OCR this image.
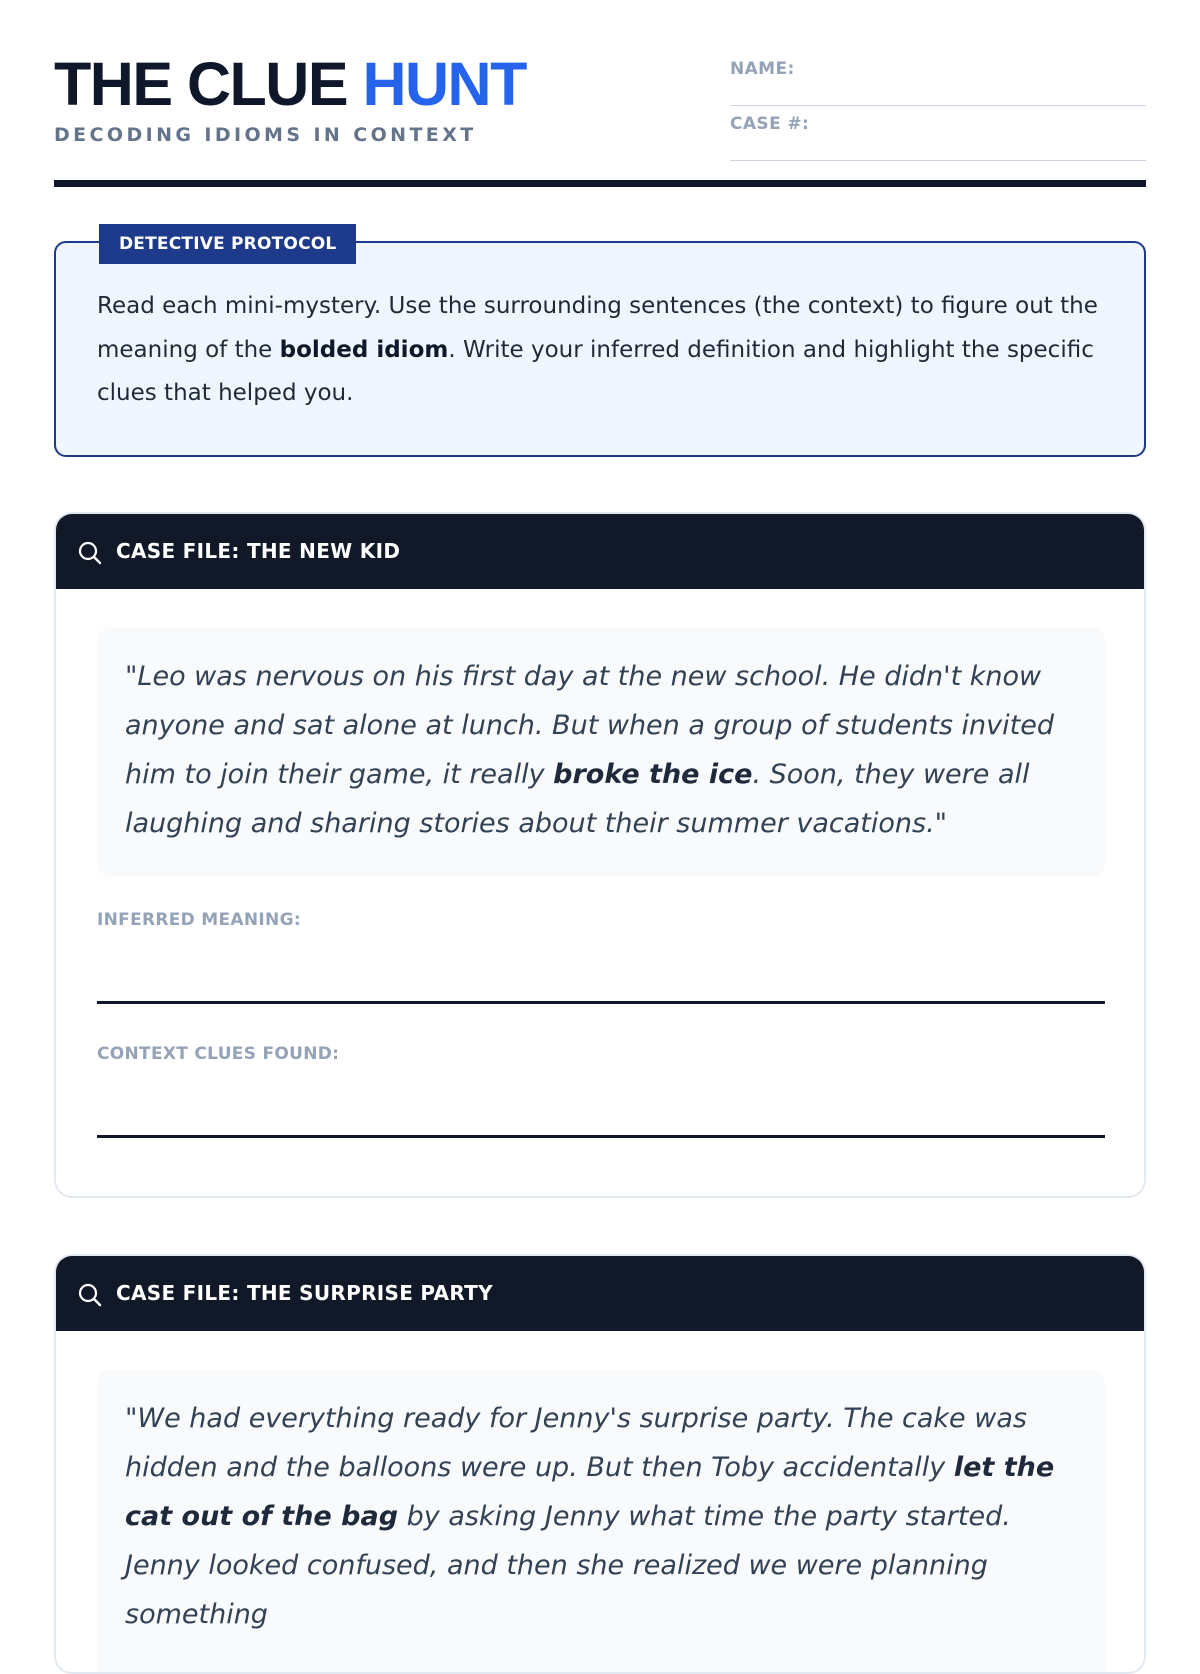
THE CLUE HUNT

DECODING IDIOMS IN CONTEXT

NAME:
CASE #:
DETECTIVE PROTOCOL

Read each mini-mystery. Use the surrounding sentences (the context) to figure out the meaning of the bolded idiom. Write your inferred definition and highlight the specific clues that helped you.

CASE FILE: THE NEW KID
"Leo was nervous on his first day at the new school. He didn't know anyone and sat alone at lunch. But when a group of students invited him to join their game, it really broke the ice. Soon, they were all laughing and sharing stories about their summer vacations."
INFERRED MEANING:
CONTEXT CLUES FOUND:
CASE FILE: THE SURPRISE PARTY
"We had everything ready for Jenny's surprise party. The cake was hidden and the balloons were up. But then Toby accidentally let the cat out of the bag by asking Jenny what time the party started. Jenny looked confused, and then she realized we were planning something
